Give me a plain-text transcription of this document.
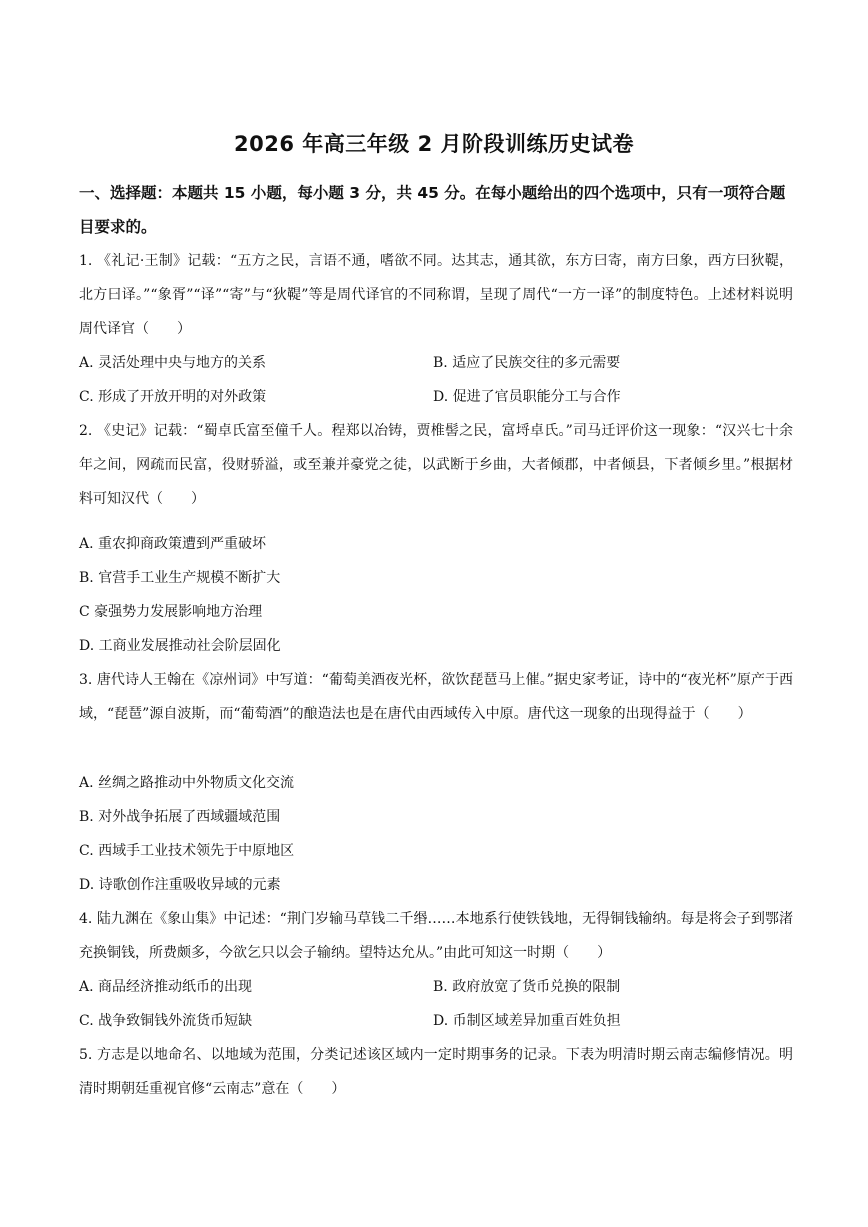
2026 年高三年级 2 月阶段训练历史试卷
一、选择题：本题共 15 小题，每小题 3 分，共 45 分。在每小题给出的四个选项中，只有一项符合题目要求的。
1. 《礼记·王制》记载：“五方之民，言语不通，嗜欲不同。达其志，通其欲，东方曰寄，南方曰象，西方曰狄鞮，北方曰译。”“象胥”“译”“寄”与“狄鞮”等是周代译官的不同称谓，呈现了周代“一方一译”的制度特色。上述材料说明周代译官（　　）
A. 灵活处理中央与地方的关系	B. 适应了民族交往的多元需要
C. 形成了开放开明的对外政策	D. 促进了官员职能分工与合作
2. 《史记》记载：“蜀卓氏富至僮千人。程郑以冶铸，贾椎髻之民，富埒卓氏。”司马迁评价这一现象：“汉兴七十余年之间，网疏而民富，役财骄溢，或至兼并豪党之徒，以武断于乡曲，大者倾郡，中者倾县，下者倾乡里。”根据材料可知汉代（　　）
A. 重农抑商政策遭到严重破坏
B. 官营手工业生产规模不断扩大
C 豪强势力发展影响地方治理
D. 工商业发展推动社会阶层固化
3. 唐代诗人王翰在《凉州词》中写道：“葡萄美酒夜光杯，欲饮琵琶马上催。”据史家考证，诗中的“夜光杯”原产于西域，“琵琶”源自波斯，而“葡萄酒”的酿造法也是在唐代由西域传入中原。唐代这一现象的出现得益于（　　）
A. 丝绸之路推动中外物质文化交流
B. 对外战争拓展了西域疆域范围
C. 西域手工业技术领先于中原地区
D. 诗歌创作注重吸收异域的元素
4. 陆九渊在《象山集》中记述：“荆门岁输马草钱二千缗……本地系行使铁钱地，无得铜钱输纳。每是将会子到鄂渚充换铜钱，所费颇多，今欲乞只以会子输纳。望特达允从。”由此可知这一时期（　　）
A. 商品经济推动纸币的出现	B. 政府放宽了货币兑换的限制
C. 战争致铜钱外流货币短缺	D. 币制区域差异加重百姓负担
5. 方志是以地命名、以地域为范围，分类记述该区域内一定时期事务的记录。下表为明清时期云南志编修情况。明清时期朝廷重视官修“云南志”意在（　　）
